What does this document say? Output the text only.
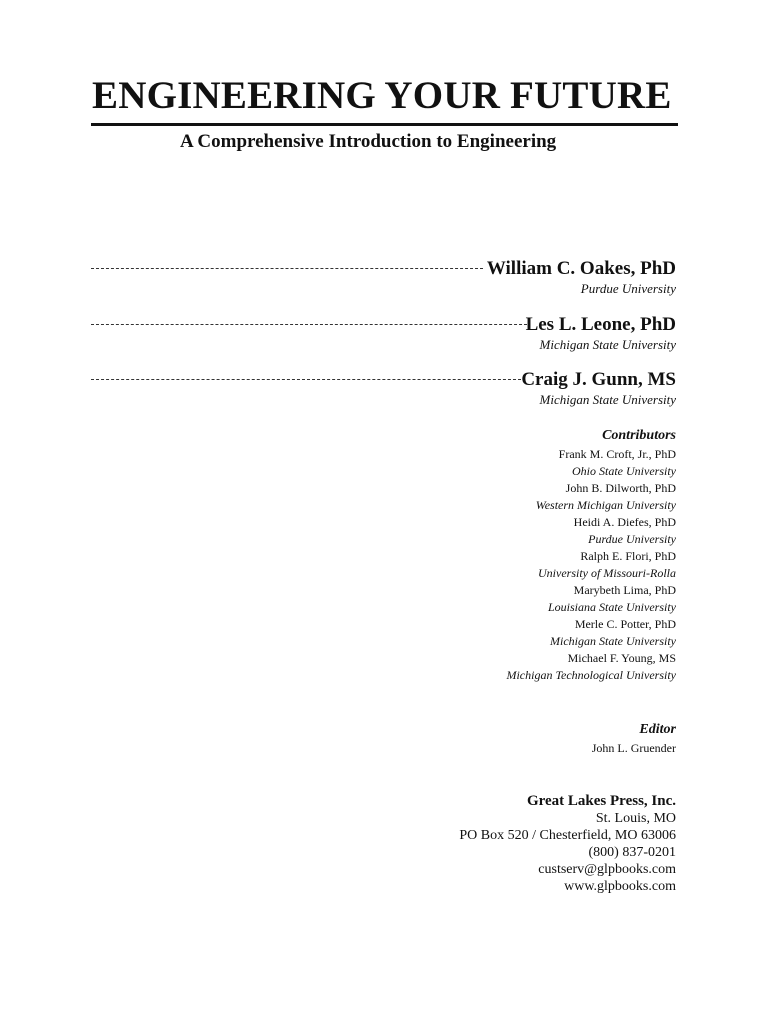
ENGINEERING YOUR FUTURE
A Comprehensive Introduction to Engineering
William C. Oakes, PhD
Purdue University
Les L. Leone, PhD
Michigan State University
Craig J. Gunn, MS
Michigan State University
Contributors
Frank M. Croft, Jr., PhD
Ohio State University
John B. Dilworth, PhD
Western Michigan University
Heidi A. Diefes, PhD
Purdue University
Ralph E. Flori, PhD
University of Missouri-Rolla
Marybeth Lima, PhD
Louisiana State University
Merle C. Potter, PhD
Michigan State University
Michael F. Young, MS
Michigan Technological University
Editor
John L. Gruender
Great Lakes Press, Inc.
St. Louis, MO
PO Box 520 / Chesterfield, MO 63006
(800) 837-0201
custserv@glpbooks.com
www.glpbooks.com
